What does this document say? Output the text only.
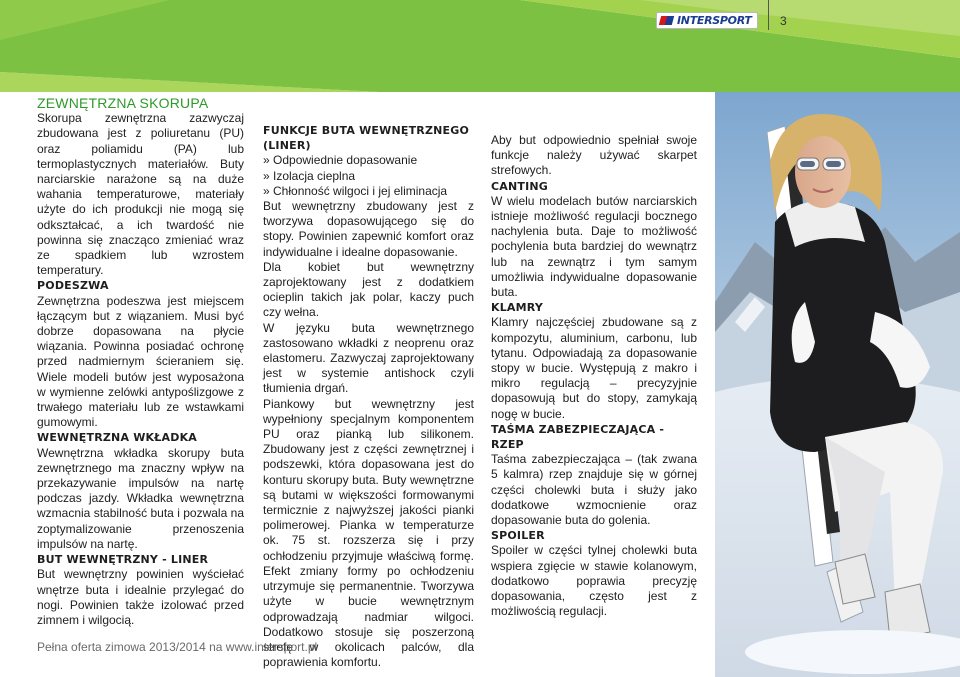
INTERSPORT 3

ZEWNĘTRZNA SKORUPA

Skorupa zewnętrzna zazwyczaj zbudowana jest z poliuretanu (PU) oraz poliamidu (PA) lub termoplastycznych materiałów. Buty narciarskie narażone są na duże wahania temperaturowe, materiały użyte do ich produkcji nie mogą się odkształcać, a ich twardość nie powinna się znacząco zmieniać wraz ze spadkiem lub wzrostem temperatury.

PODESZWA

Zewnętrzna podeszwa jest miejscem łączącym but z wiązaniem. Musi być dobrze dopasowana na płycie wiązania. Powinna posiadać ochronę przed nadmiernym ścieraniem się. Wiele modeli butów jest wyposażona w wymienne zelówki antypoślizgowe z trwałego materiału lub ze wstawkami gumowymi.

WEWNĘTRZNA WKŁADKA

Wewnętrzna wkładka skorupy buta zewnętrznego ma znaczny wpływ na przekazywanie impulsów na nartę podczas jazdy. Wkładka wewnętrzna wzmacnia stabilność buta i pozwala na zoptymalizowanie przenoszenia impulsów na nartę.

BUT WEWNĘTRZNY - LINER

But wewnętrzny powinien wyściełać wnętrze buta i idealnie przylegać do nogi. Powinien także izolować przed zimnem i wilgocią.

FUNKCJE BUTA WEWNĘTRZNEGO (LINER)

» Odpowiednie dopasowanie

» Izolacja cieplna

» Chłonność wilgoci i jej eliminacja

But wewnętrzny zbudowany jest z tworzywa dopasowującego się do stopy. Powinien zapewnić komfort oraz indywidualne i idealne dopasowanie.

Dla kobiet but wewnętrzny zaprojektowany jest z dodatkiem ocieplin takich jak polar, kaczy puch czy wełna.

W języku buta wewnętrznego zastosowano wkładki z neoprenu oraz elastomeru. Zazwyczaj zaprojektowany jest w systemie antishock czyli tłumienia drgań.

Piankowy but wewnętrzny jest wypełniony specjalnym komponentem PU oraz pianką lub silikonem. Zbudowany jest z części zewnętrznej i podszewki, która dopasowana jest do konturu skorupy buta. Buty wewnętrzne są butami w większości formowanymi termicznie z najwyższej jakości pianki polimerowej. Pianka w temperaturze ok. 75 st. rozszerza się i przy ochłodzeniu przyjmuje właściwą formę. Efekt zmiany formy po ochłodzeniu utrzymuje się permanentnie. Tworzywa użyte w bucie wewnętrznym odprowadzają nadmiar wilgoci. Dodatkowo stosuje się poszerzoną strefę w okolicach palców, dla poprawienia komfortu.

Aby but odpowiednio spełniał swoje funkcje należy używać skarpet strefowych.

CANTING

W wielu modelach butów narciarskich istnieje możliwość regulacji bocznego nachylenia buta. Daje to możliwość pochylenia buta bardziej do wewnątrz lub na zewnątrz i tym samym umożliwia indywidualne dopasowanie buta.

KLAMRY

Klamry najczęściej zbudowane są z kompozytu, aluminium, carbonu, lub tytanu. Odpowiadają za dopasowanie stopy w bucie. Występują z makro i mikro regulacją – precyzyjnie dopasowują but do stopy, zamykają nogę w bucie.

TAŚMA ZABEZPIECZAJĄCA - RZEP

Taśma zabezpieczająca – (tak zwana 5 kalmra) rzep znajduje się w górnej części cholewki buta i służy jako dodatkowe wzmocnienie oraz dopasowanie buta do golenia.

SPOILER

Spoiler w części tylnej cholewki buta wspiera zgięcie w stawie kolanowym, dodatkowo poprawia precyzję dopasowania, często jest z możliwością regulacji.

Pełna oferta zimowa 2013/2014 na www.intersport.pl
